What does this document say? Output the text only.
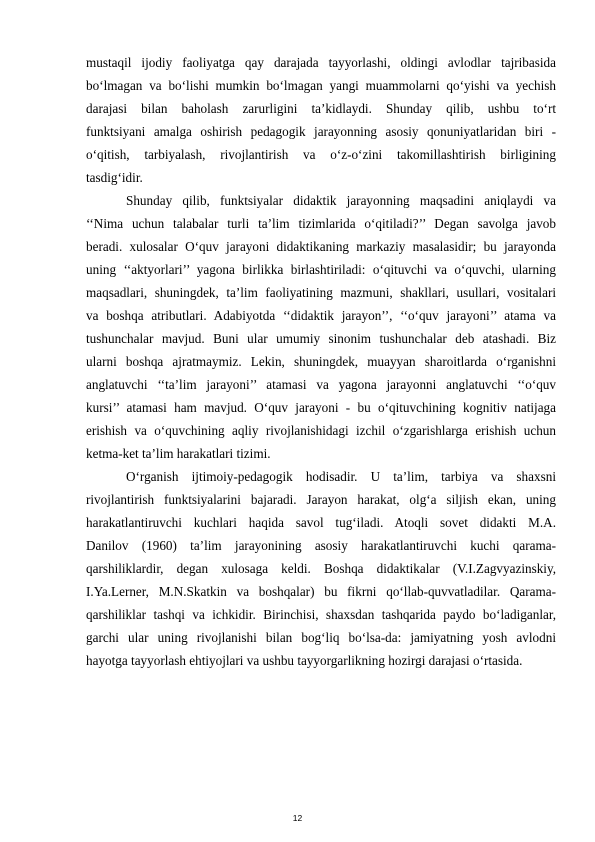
mustaqil ijodiy faoliyatga qay darajada tayyorlashi, oldingi avlodlar tajribasida
bo‘lmagan va bo‘lishi mumkin bo‘lmagan yangi muammolarni qo‘yishi va yechish
darajasi bilan baholash zarurligini ta’kidlaydi. Shunday qilib, ushbu to‘rt
funktsiyani amalga oshirish pedagogik jarayonning asosiy qonuniyatlaridan biri -
o‘qitish, tarbiyalash, rivojlantirish va o‘z-o‘zini takomillashtirish birligining
tasdig‘idir.
Shunday qilib, funktsiyalar didaktik jarayonning maqsadini aniqlaydi va
‘‘Nima uchun talabalar turli ta’lim tizimlarida o‘qitiladi?’’ Degan savolga javob
beradi. xulosalar O‘quv jarayoni didaktikaning markaziy masalasidir; bu jarayonda
uning ‘‘aktyorlari’’ yagona birlikka birlashtiriladi: o‘qituvchi va o‘quvchi, ularning
maqsadlari, shuningdek, ta’lim faoliyatining mazmuni, shakllari, usullari, vositalari
va boshqa atributlari. Adabiyotda ‘‘didaktik jarayon’’, ‘‘o‘quv jarayoni’’ atama va
tushunchalar mavjud. Buni ular umumiy sinonim tushunchalar deb atashadi. Biz
ularni boshqa ajratmaymiz. Lekin, shuningdek, muayyan sharoitlarda o‘rganishni
anglatuvchi ‘‘ta’lim jarayoni’’ atamasi va yagona jarayonni anglatuvchi ‘‘o‘quv
kursi’’ atamasi ham mavjud. O‘quv jarayoni - bu o‘qituvchining kognitiv natijaga
erishish va o‘quvchining aqliy rivojlanishidagi izchil o‘zgarishlarga erishish uchun
ketma-ket ta’lim harakatlari tizimi.
O‘rganish ijtimoiy-pedagogik hodisadir. U ta’lim, tarbiya va shaxsni
rivojlantirish funktsiyalarini bajaradi. Jarayon harakat, olg‘a siljish ekan, uning
harakatlantiruvchi kuchlari haqida savol tug‘iladi. Atoqli sovet didakti M.A.
Danilov (1960) ta’lim jarayonining asosiy harakatlantiruvchi kuchi qarama-
qarshiliklardir, degan xulosaga keldi. Boshqa didaktikalar (V.I.Zagvyazinskiy,
I.Ya.Lerner, M.N.Skatkin va boshqalar) bu fikrni qo‘llab-quvvatladilar. Qarama-
qarshiliklar tashqi va ichkidir. Birinchisi, shaxsdan tashqarida paydo bo‘ladiganlar,
garchi ular uning rivojlanishi bilan bog‘liq bo‘lsa-da: jamiyatning yosh avlodni
hayotga tayyorlash ehtiyojlari va ushbu tayyorgarlikning hozirgi darajasi o‘rtasida.
12
